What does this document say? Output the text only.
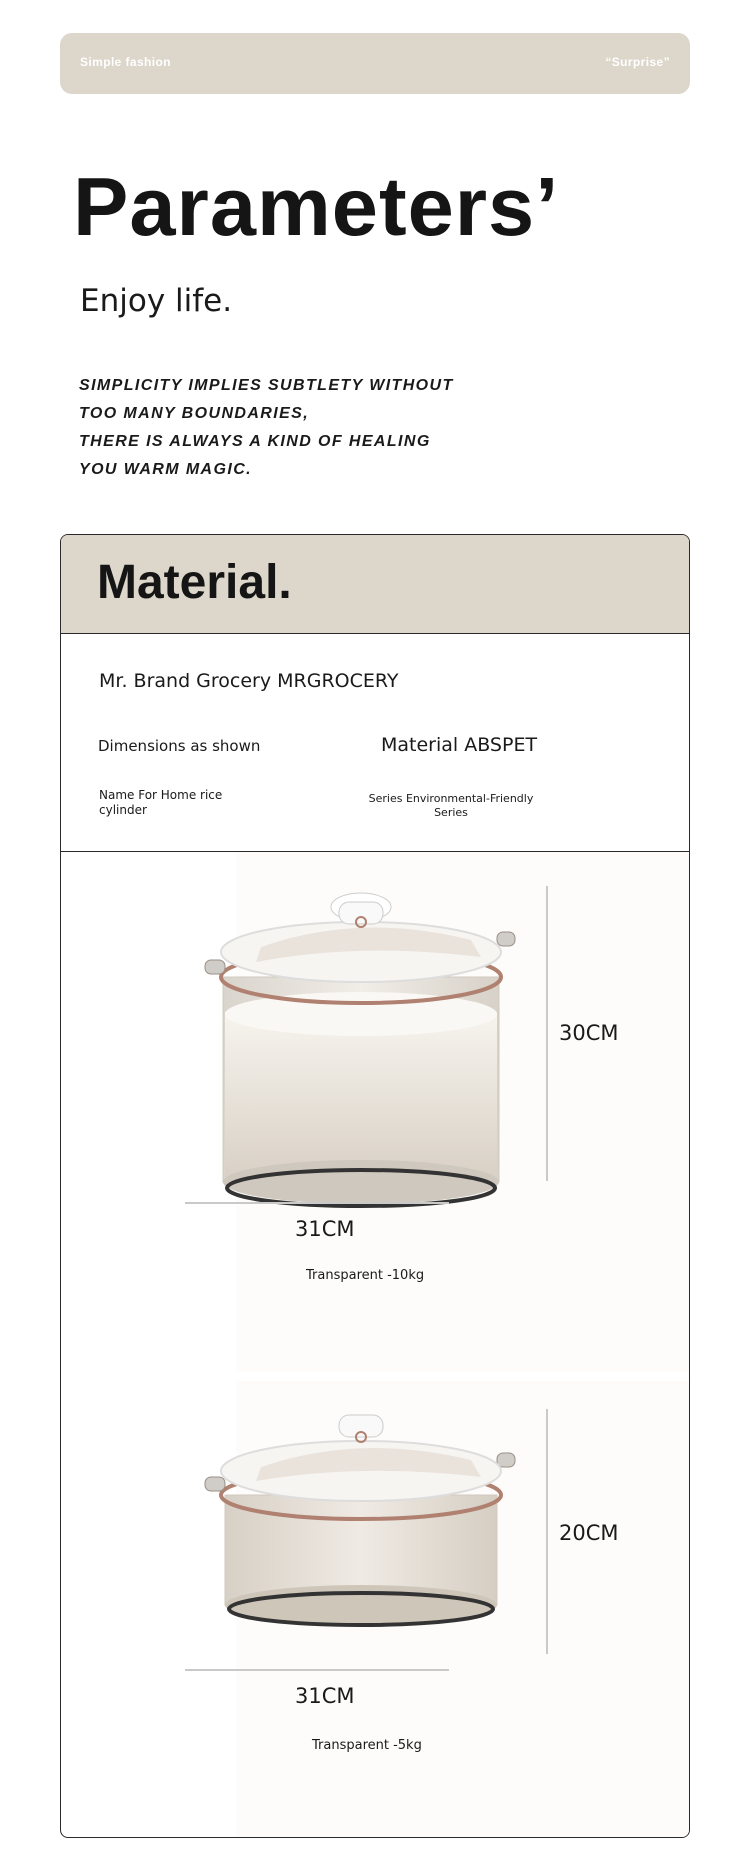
Simple fashion	“Surprise”
Parameters’
Enjoy life.
SIMPLICITY IMPLIES SUBTLETY WITHOUT
TOO MANY BOUNDARIES,
THERE IS ALWAYS A KIND OF HEALING
YOU WARM MAGIC.
Material.
Mr. Brand Grocery MRGROCERY
Dimensions as shown	Material ABSPET
Name For Home rice cylinder
Series Environmental-Friendly Series
30CM
31CM
Transparent -10kg
20CM
31CM
Transparent -5kg
